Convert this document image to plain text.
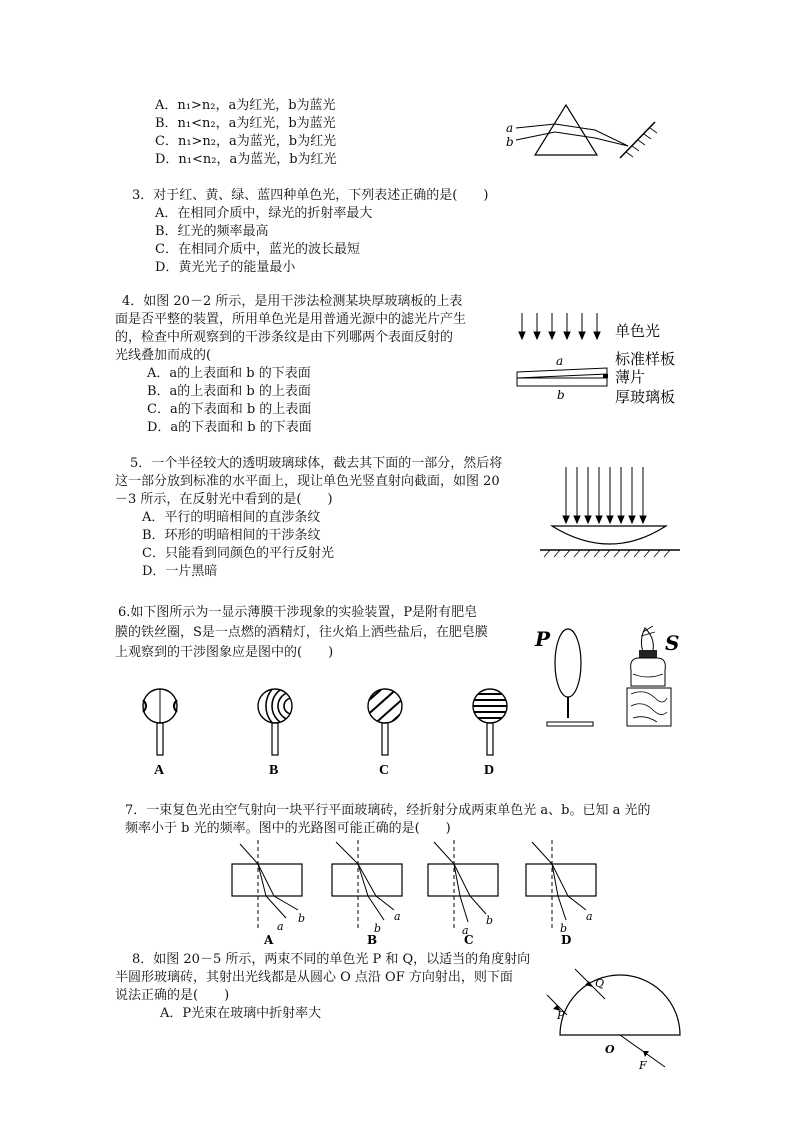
A．n₁>n₂，a为红光，b为蓝光
B．n₁<n₂，a为红光，b为蓝光
C．n₁>n₂，a为蓝光，b为红光
D．n₁<n₂，a为蓝光，b为红光
a
b
3．对于红、黄、绿、蓝四种单色光，下列表述正确的是(　　)
A．在相同介质中，绿光的折射率最大
B．红光的频率最高
C．在相同介质中，蓝光的波长最短
D．黄光光子的能量最小
4．如图 20－2 所示，是用干涉法检测某块厚玻璃板的上表
面是否平整的装置，所用单色光是用普通光源中的滤光片产生
的，检查中所观察到的干涉条纹是由下列哪两个表面反射的
光线叠加而成的(
A．a的上表面和 b 的下表面
B．a的上表面和 b 的上表面
C．a的下表面和 b 的上表面
D．a的下表面和 b 的下表面
单色光
a
b
标准样板
薄片
厚玻璃板
5．一个半径较大的透明玻璃球体，截去其下面的一部分，然后将
这一部分放到标准的水平面上，现让单色光竖直射向截面，如图 20
－3 所示，在反射光中看到的是(　　)
A．平行的明暗相间的直涉条纹
B．环形的明暗相间的干涉条纹
C．只能看到同颜色的平行反射光
D．一片黑暗
6.如下图所示为一显示薄膜干涉现象的实验装置，P是附有肥皂
膜的铁丝圈，S是一点燃的酒精灯，往火焰上洒些盐后，在肥皂膜
上观察到的干涉图象应是图中的(　　)
P	S
A	B	C	D
7．一束复色光由空气射向一块平行平面玻璃砖，经折射分成两束单色光 a、b。已知 a 光的
频率小于 b 光的频率。图中的光路图可能正确的是(　　)
a
b
b
a
a
b
b
a
A	B	C	D
8．如图 20－5 所示，两束不同的单色光 P 和 Q，以适当的角度射向
半圆形玻璃砖，其射出光线都是从圆心 O 点沿 OF 方向射出，则下面
说法正确的是(　　)
A．P光束在玻璃中折射率大
Q
P
O
F
